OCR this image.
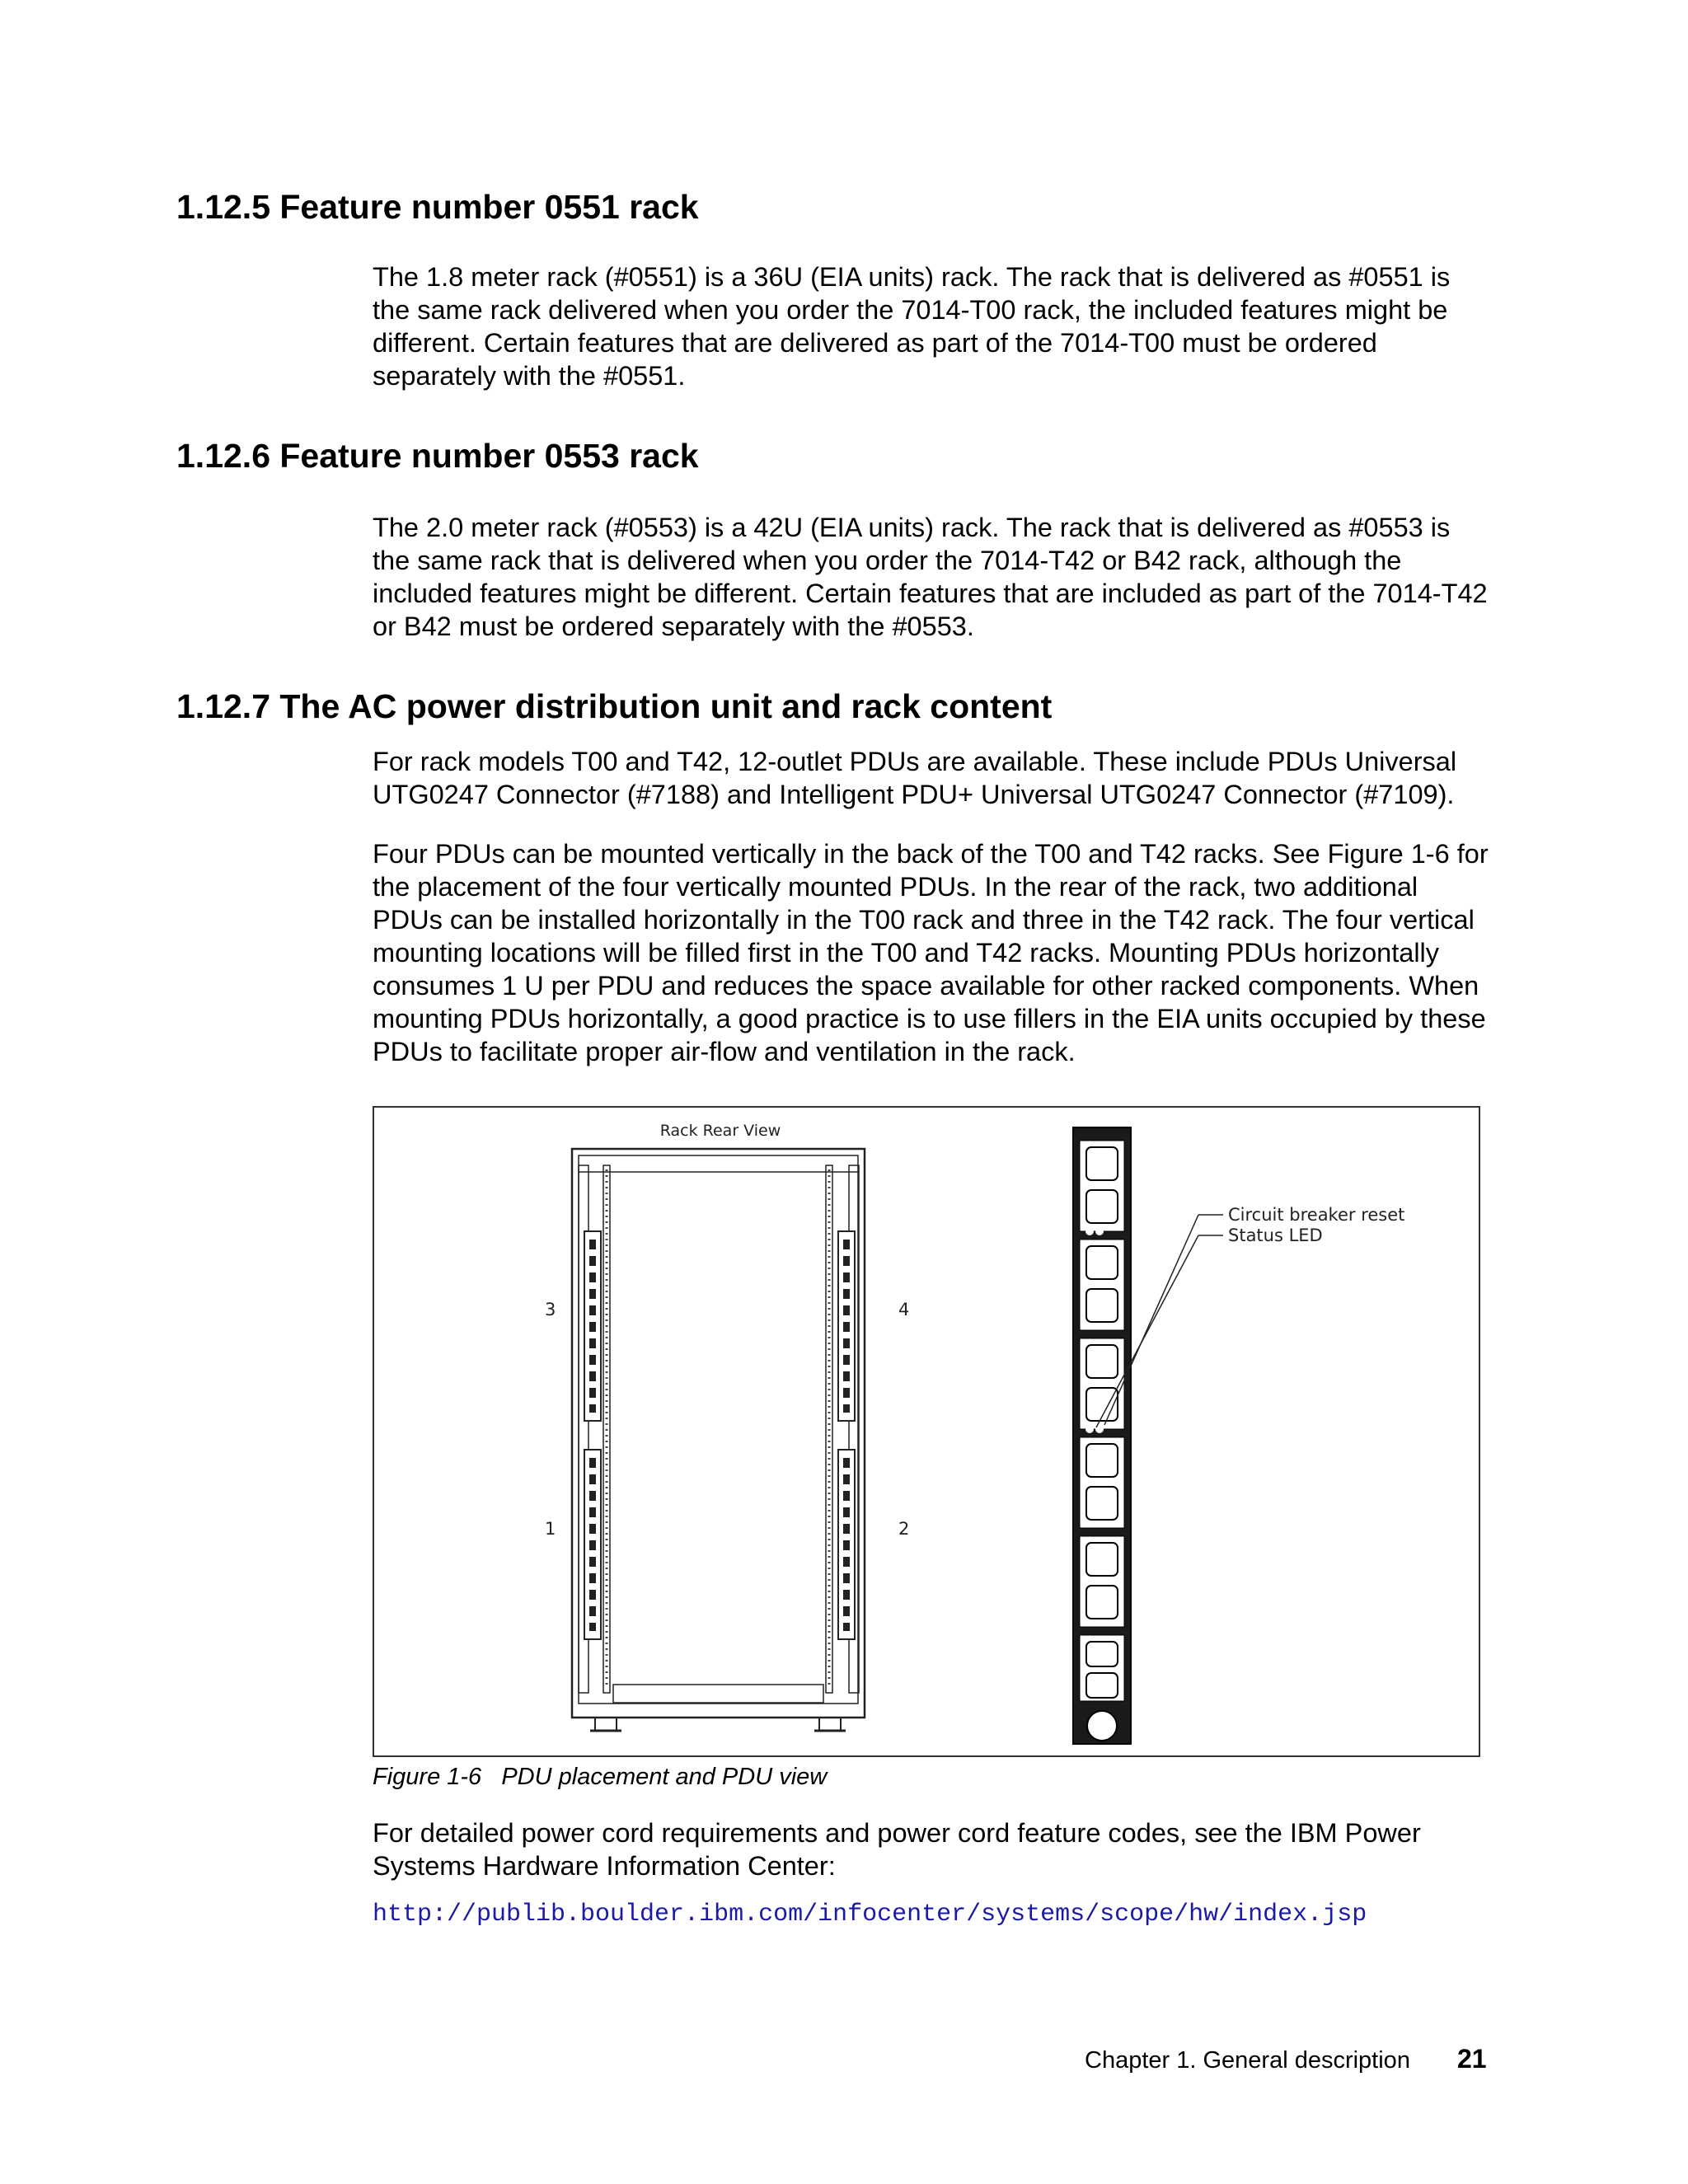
1.12.5 Feature number 0551 rack

The 1.8 meter rack (#0551) is a 36U (EIA units) rack. The rack that is delivered as #0551 is the same rack delivered when you order the 7014-T00 rack, the included features might be different. Certain features that are delivered as part of the 7014-T00 must be ordered separately with the #0551.

1.12.6 Feature number 0553 rack

The 2.0 meter rack (#0553) is a 42U (EIA units) rack. The rack that is delivered as #0553 is the same rack that is delivered when you order the 7014-T42 or B42 rack, although the included features might be different. Certain features that are included as part of the 7014-T42 or B42 must be ordered separately with the #0553.

1.12.7 The AC power distribution unit and rack content

For rack models T00 and T42, 12-outlet PDUs are available. These include PDUs Universal UTG0247 Connector (#7188) and Intelligent PDU+ Universal UTG0247 Connector (#7109).

Four PDUs can be mounted vertically in the back of the T00 and T42 racks. See Figure 1-6 for the placement of the four vertically mounted PDUs. In the rear of the rack, two additional PDUs can be installed horizontally in the T00 rack and three in the T42 rack. The four vertical mounting locations will be filled first in the T00 and T42 racks. Mounting PDUs horizontally consumes 1 U per PDU and reduces the space available for other racked components. When mounting PDUs horizontally, a good practice is to use fillers in the EIA units occupied by these PDUs to facilitate proper air-flow and ventilation in the rack.

Rack Rear View
3	4
1	2
Circuit breaker reset
Status LED
Figure 1-6   PDU placement and PDU view

For detailed power cord requirements and power cord feature codes, see the IBM Power Systems Hardware Information Center:

http://publib.boulder.ibm.com/infocenter/systems/scope/hw/index.jsp
Chapter 1. General description 21
